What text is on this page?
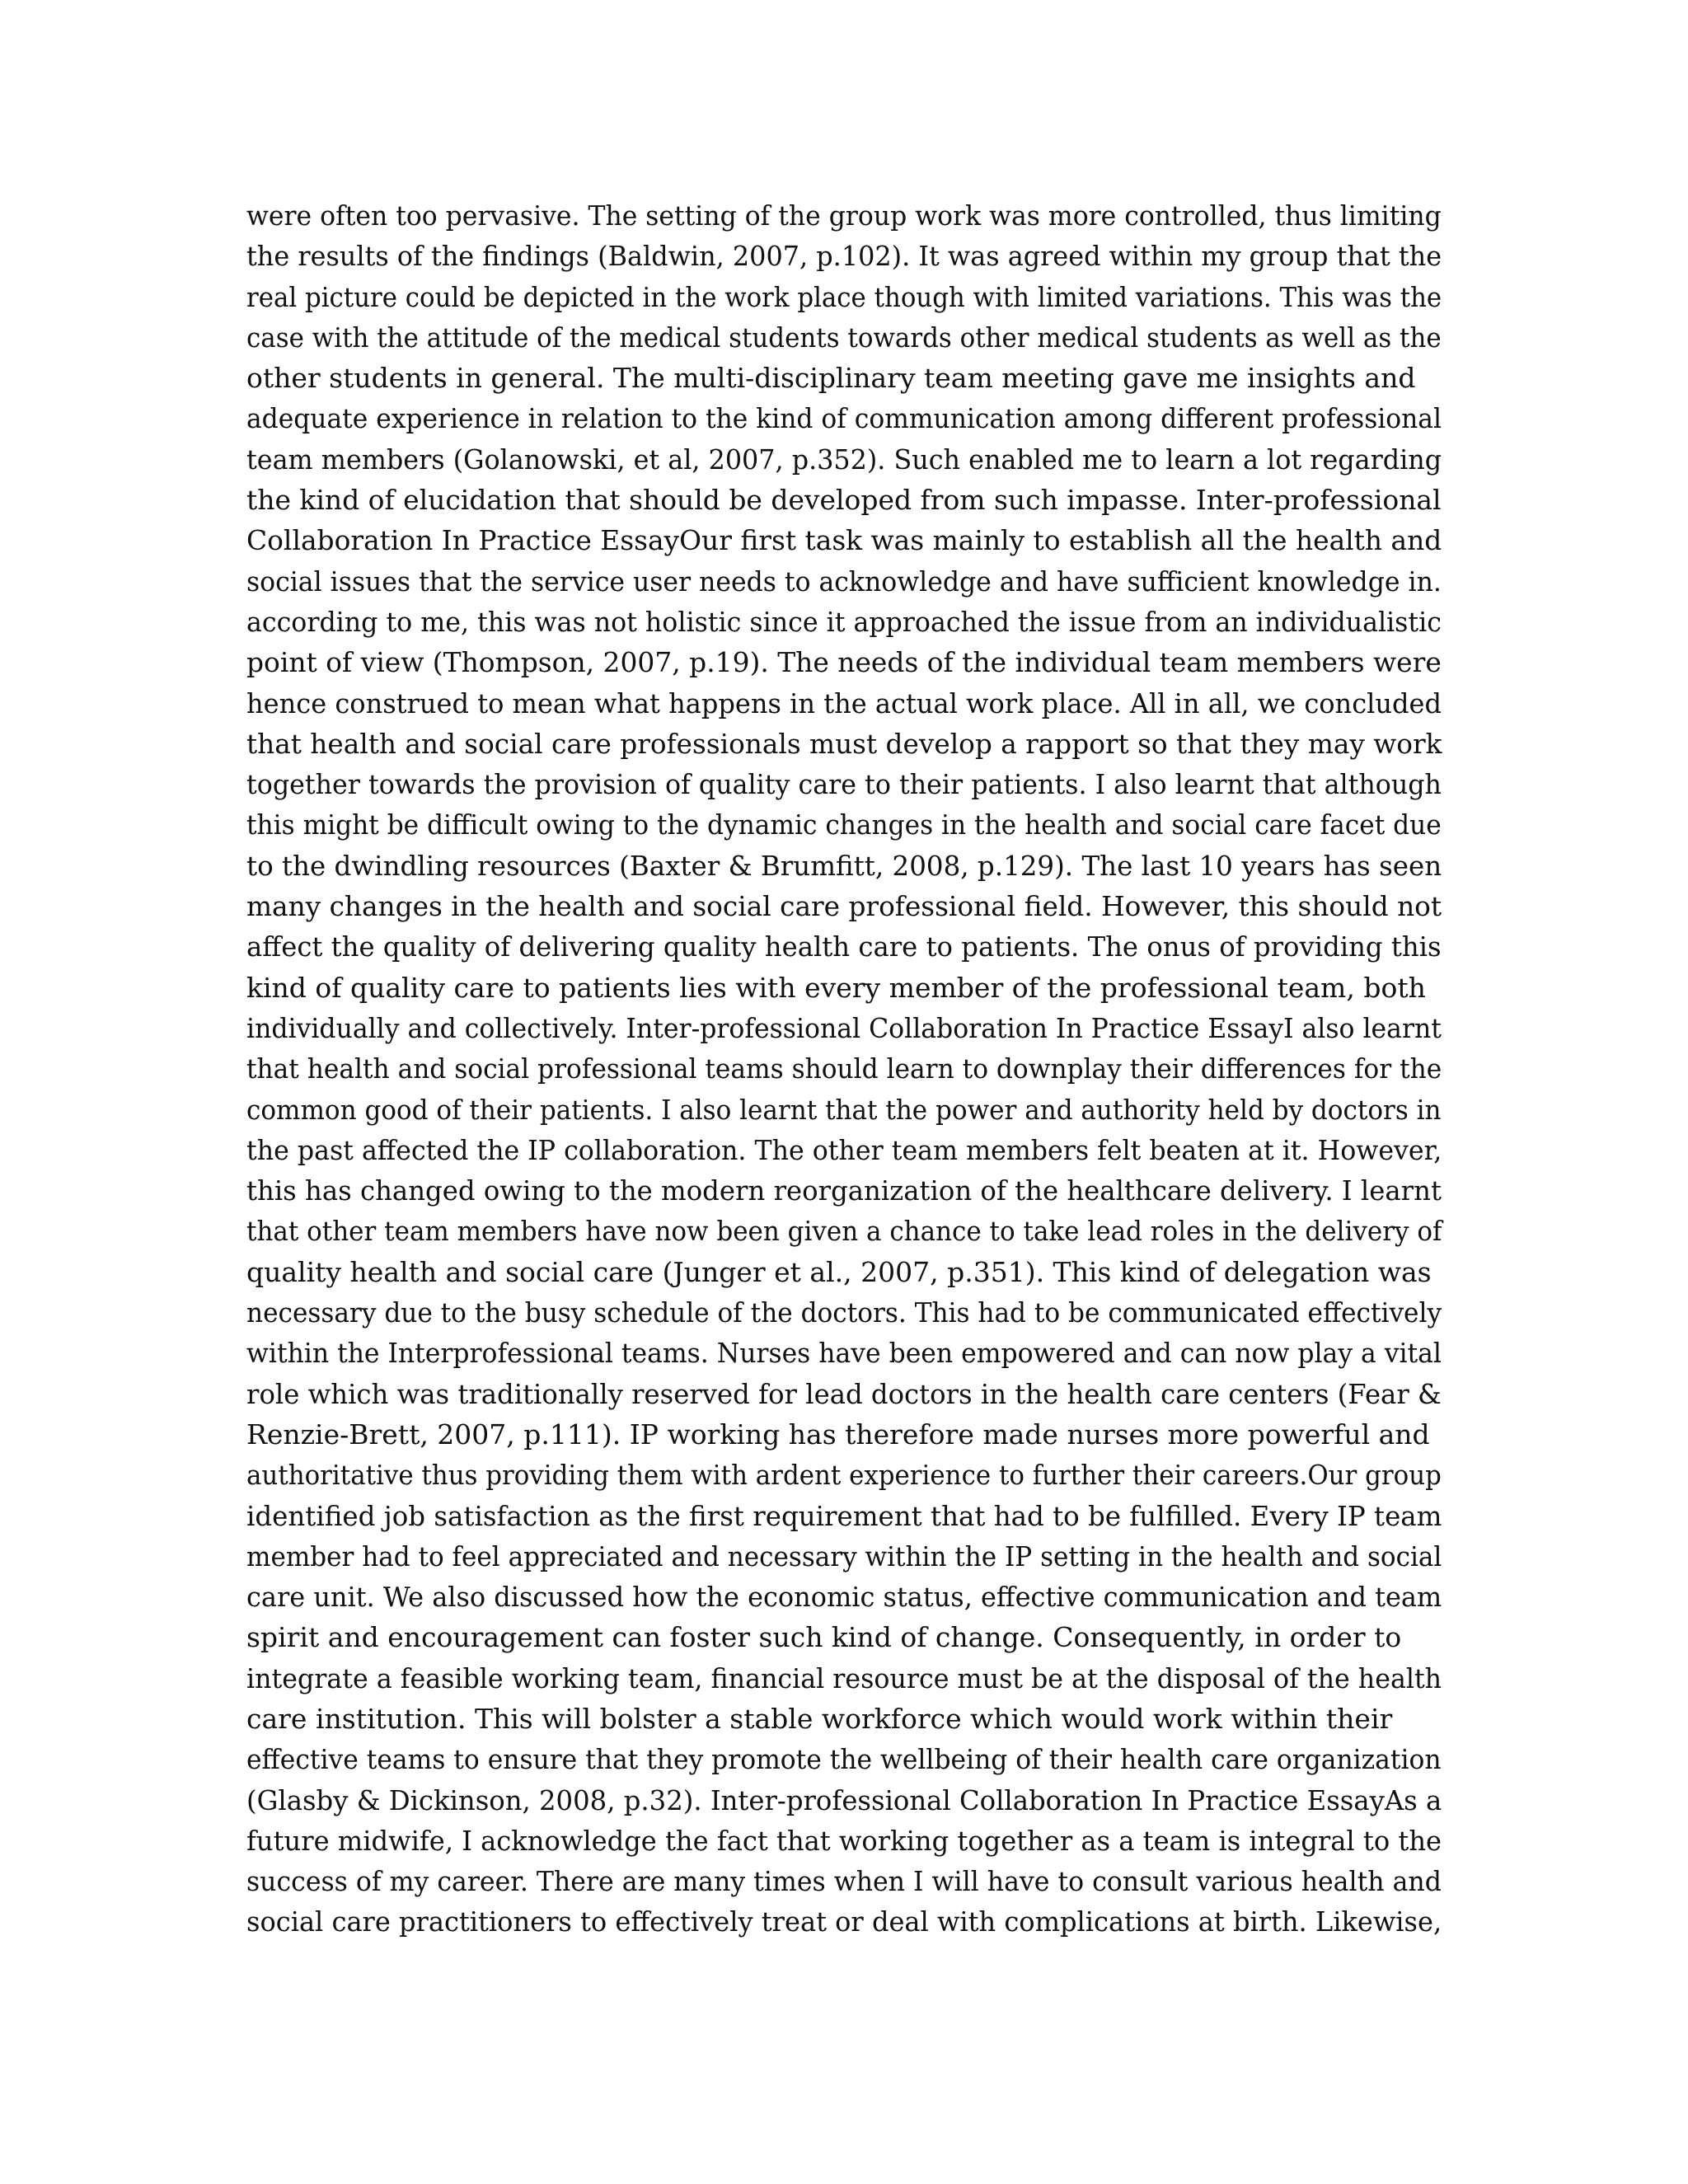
were often too pervasive. The setting of the group work was more controlled, thus limiting
the results of the findings (Baldwin, 2007, p.102). It was agreed within my group that the
real picture could be depicted in the work place though with limited variations. This was the
case with the attitude of the medical students towards other medical students as well as the
other students in general. The multi-disciplinary team meeting gave me insights and
adequate experience in relation to the kind of communication among different professional
team members (Golanowski, et al, 2007, p.352). Such enabled me to learn a lot regarding
the kind of elucidation that should be developed from such impasse. Inter-professional
Collaboration In Practice EssayOur first task was mainly to establish all the health and
social issues that the service user needs to acknowledge and have sufficient knowledge in.
according to me, this was not holistic since it approached the issue from an individualistic
point of view (Thompson, 2007, p.19). The needs of the individual team members were
hence construed to mean what happens in the actual work place. All in all, we concluded
that health and social care professionals must develop a rapport so that they may work
together towards the provision of quality care to their patients. I also learnt that although
this might be difficult owing to the dynamic changes in the health and social care facet due
to the dwindling resources (Baxter & Brumfitt, 2008, p.129). The last 10 years has seen
many changes in the health and social care professional field. However, this should not
affect the quality of delivering quality health care to patients. The onus of providing this
kind of quality care to patients lies with every member of the professional team, both
individually and collectively. Inter-professional Collaboration In Practice EssayI also learnt
that health and social professional teams should learn to downplay their differences for the
common good of their patients. I also learnt that the power and authority held by doctors in
the past affected the IP collaboration. The other team members felt beaten at it. However,
this has changed owing to the modern reorganization of the healthcare delivery. I learnt
that other team members have now been given a chance to take lead roles in the delivery of
quality health and social care (Junger et al., 2007, p.351). This kind of delegation was
necessary due to the busy schedule of the doctors. This had to be communicated effectively
within the Interprofessional teams. Nurses have been empowered and can now play a vital
role which was traditionally reserved for lead doctors in the health care centers (Fear &
Renzie-Brett, 2007, p.111). IP working has therefore made nurses more powerful and
authoritative thus providing them with ardent experience to further their careers.Our group
identified job satisfaction as the first requirement that had to be fulfilled. Every IP team
member had to feel appreciated and necessary within the IP setting in the health and social
care unit. We also discussed how the economic status, effective communication and team
spirit and encouragement can foster such kind of change. Consequently, in order to
integrate a feasible working team, financial resource must be at the disposal of the health
care institution. This will bolster a stable workforce which would work within their
effective teams to ensure that they promote the wellbeing of their health care organization
(Glasby & Dickinson, 2008, p.32). Inter-professional Collaboration In Practice EssayAs a
future midwife, I acknowledge the fact that working together as a team is integral to the
success of my career. There are many times when I will have to consult various health and
social care practitioners to effectively treat or deal with complications at birth. Likewise,
